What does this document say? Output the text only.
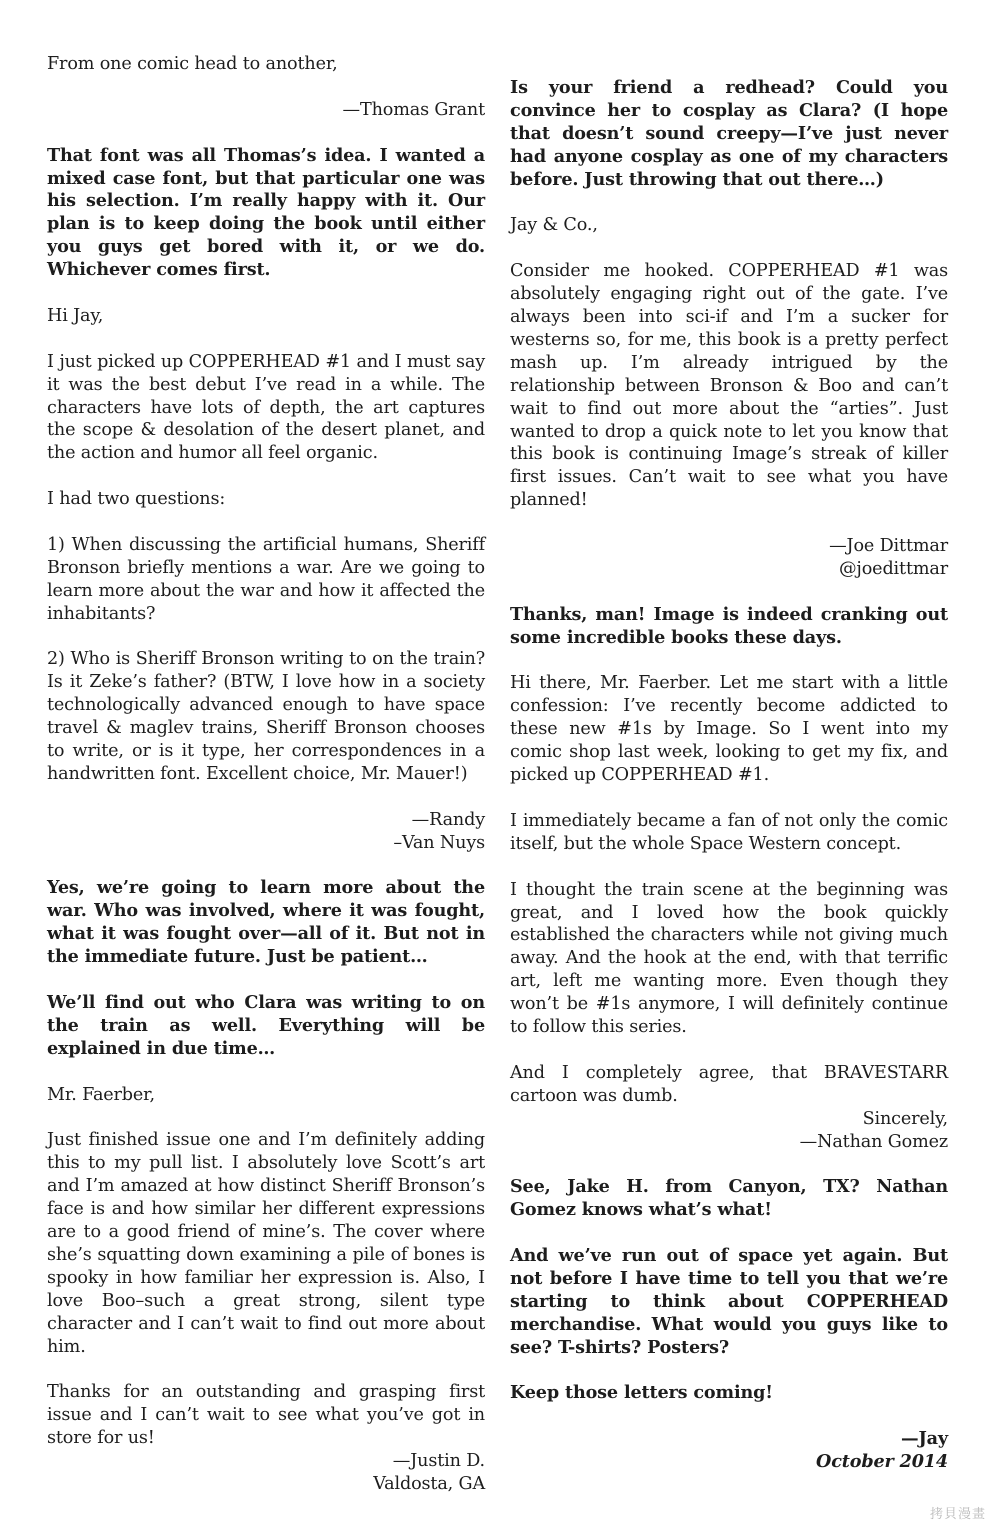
From one comic head to another,

—Thomas Grant

That font was all Thomas’s idea. I wanted a mixed case font, but that particular one was his selection. I’m really happy with it. Our plan is to keep doing the book until either you guys get bored with it, or we do. Whichever comes first.

Hi Jay,

I just picked up COPPERHEAD #1 and I must say it was the best debut I’ve read in a while. The characters have lots of depth, the art captures the scope & desolation of the desert planet, and the action and humor all feel organic.

I had two questions:

1) When discussing the artificial humans, Sheriff Bronson briefly mentions a war. Are we going to learn more about the war and how it affected the inhabitants?

2) Who is Sheriff Bronson writing to on the train? Is it Zeke’s father? (BTW, I love how in a society technologically advanced enough to have space travel & maglev trains, Sheriff Bronson chooses to write, or is it type, her correspondences in a handwritten font. Excellent choice, Mr. Mauer!)

—Randy
–Van Nuys

Yes, we’re going to learn more about the war. Who was involved, where it was fought, what it was fought over—all of it. But not in the immediate future. Just be patient…

We’ll find out who Clara was writing to on the train as well. Everything will be explained in due time…

Mr. Faerber,

Just finished issue one and I’m definitely adding this to my pull list. I absolutely love Scott’s art and I’m amazed at how distinct Sheriff Bronson’s face is and how similar her different expressions are to a good friend of mine’s. The cover where she’s squatting down examining a pile of bones is spooky in how familiar her expression is. Also, I love Boo–such a great strong, silent type character and I can’t wait to find out more about him.

Thanks for an outstanding and grasping first issue and I can’t wait to see what you’ve got in store for us!

—Justin D.
Valdosta, GA

Is your friend a redhead? Could you convince her to cosplay as Clara? (I hope that doesn’t sound creepy—I’ve just never had anyone cosplay as one of my characters before. Just throwing that out there…)

Jay & Co.,

Consider me hooked. COPPERHEAD #1 was absolutely engaging right out of the gate. I’ve always been into sci-if and I’m a sucker for westerns so, for me, this book is a pretty perfect mash up. I’m already intrigued by the relationship between Bronson & Boo and can’t wait to find out more about the “arties”. Just wanted to drop a quick note to let you know that this book is continuing Image’s streak of killer first issues. Can’t wait to see what you have planned!

—Joe Dittmar
@joedittmar

Thanks, man! Image is indeed cranking out some incredible books these days.

Hi there, Mr. Faerber. Let me start with a little confession: I’ve recently become addicted to these new #1s by Image. So I went into my comic shop last week, looking to get my fix, and picked up COPPERHEAD #1.

I immediately became a fan of not only the comic itself, but the whole Space Western concept.

I thought the train scene at the beginning was great, and I loved how the book quickly established the characters while not giving much away. And the hook at the end, with that terrific art, left me wanting more. Even though they won’t be #1s anymore, I will definitely continue to follow this series.

And I completely agree, that BRAVESTARR cartoon was dumb.

Sincerely,
—Nathan Gomez

See, Jake H. from Canyon, TX? Nathan Gomez knows what’s what!

And we’ve run out of space yet again. But not before I have time to tell you that we’re starting to think about COPPERHEAD merchandise. What would you guys like to see? T-shirts? Posters?

Keep those letters coming!

—Jay
October 2014
拷貝漫畫
